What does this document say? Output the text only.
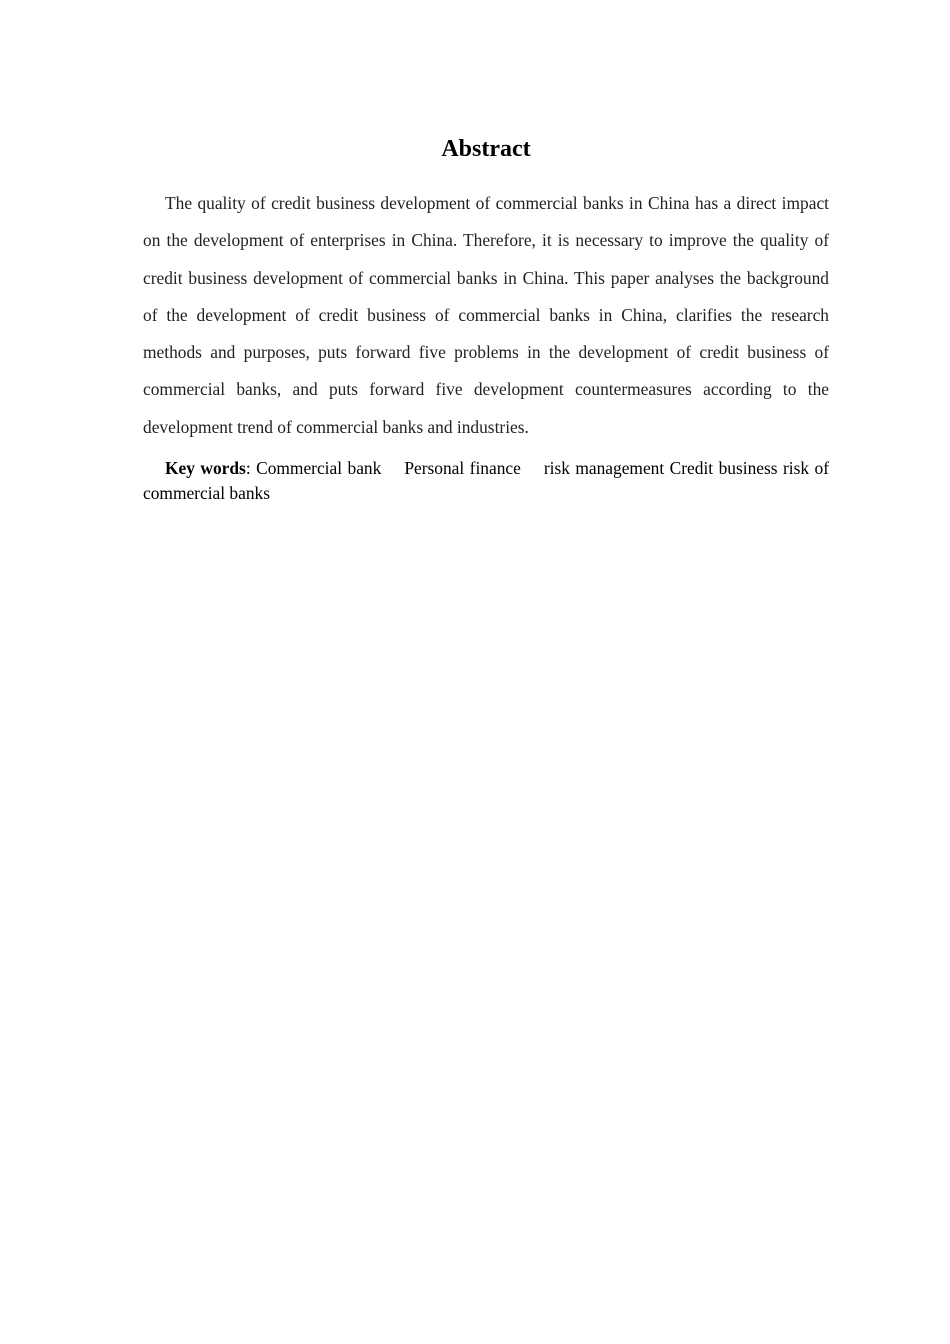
Abstract

The quality of credit business development of commercial banks in China has a direct impact on the development of enterprises in China. Therefore, it is necessary to improve the quality of credit business development of commercial banks in China. This paper analyses the background of the development of credit business of commercial banks in China, clarifies the research methods and purposes, puts forward five problems in the development of credit business of commercial banks, and puts forward five development countermeasures according to the development trend of commercial banks and industries.

Key words: Commercial bank Personal finance risk management Credit business risk of commercial banks
